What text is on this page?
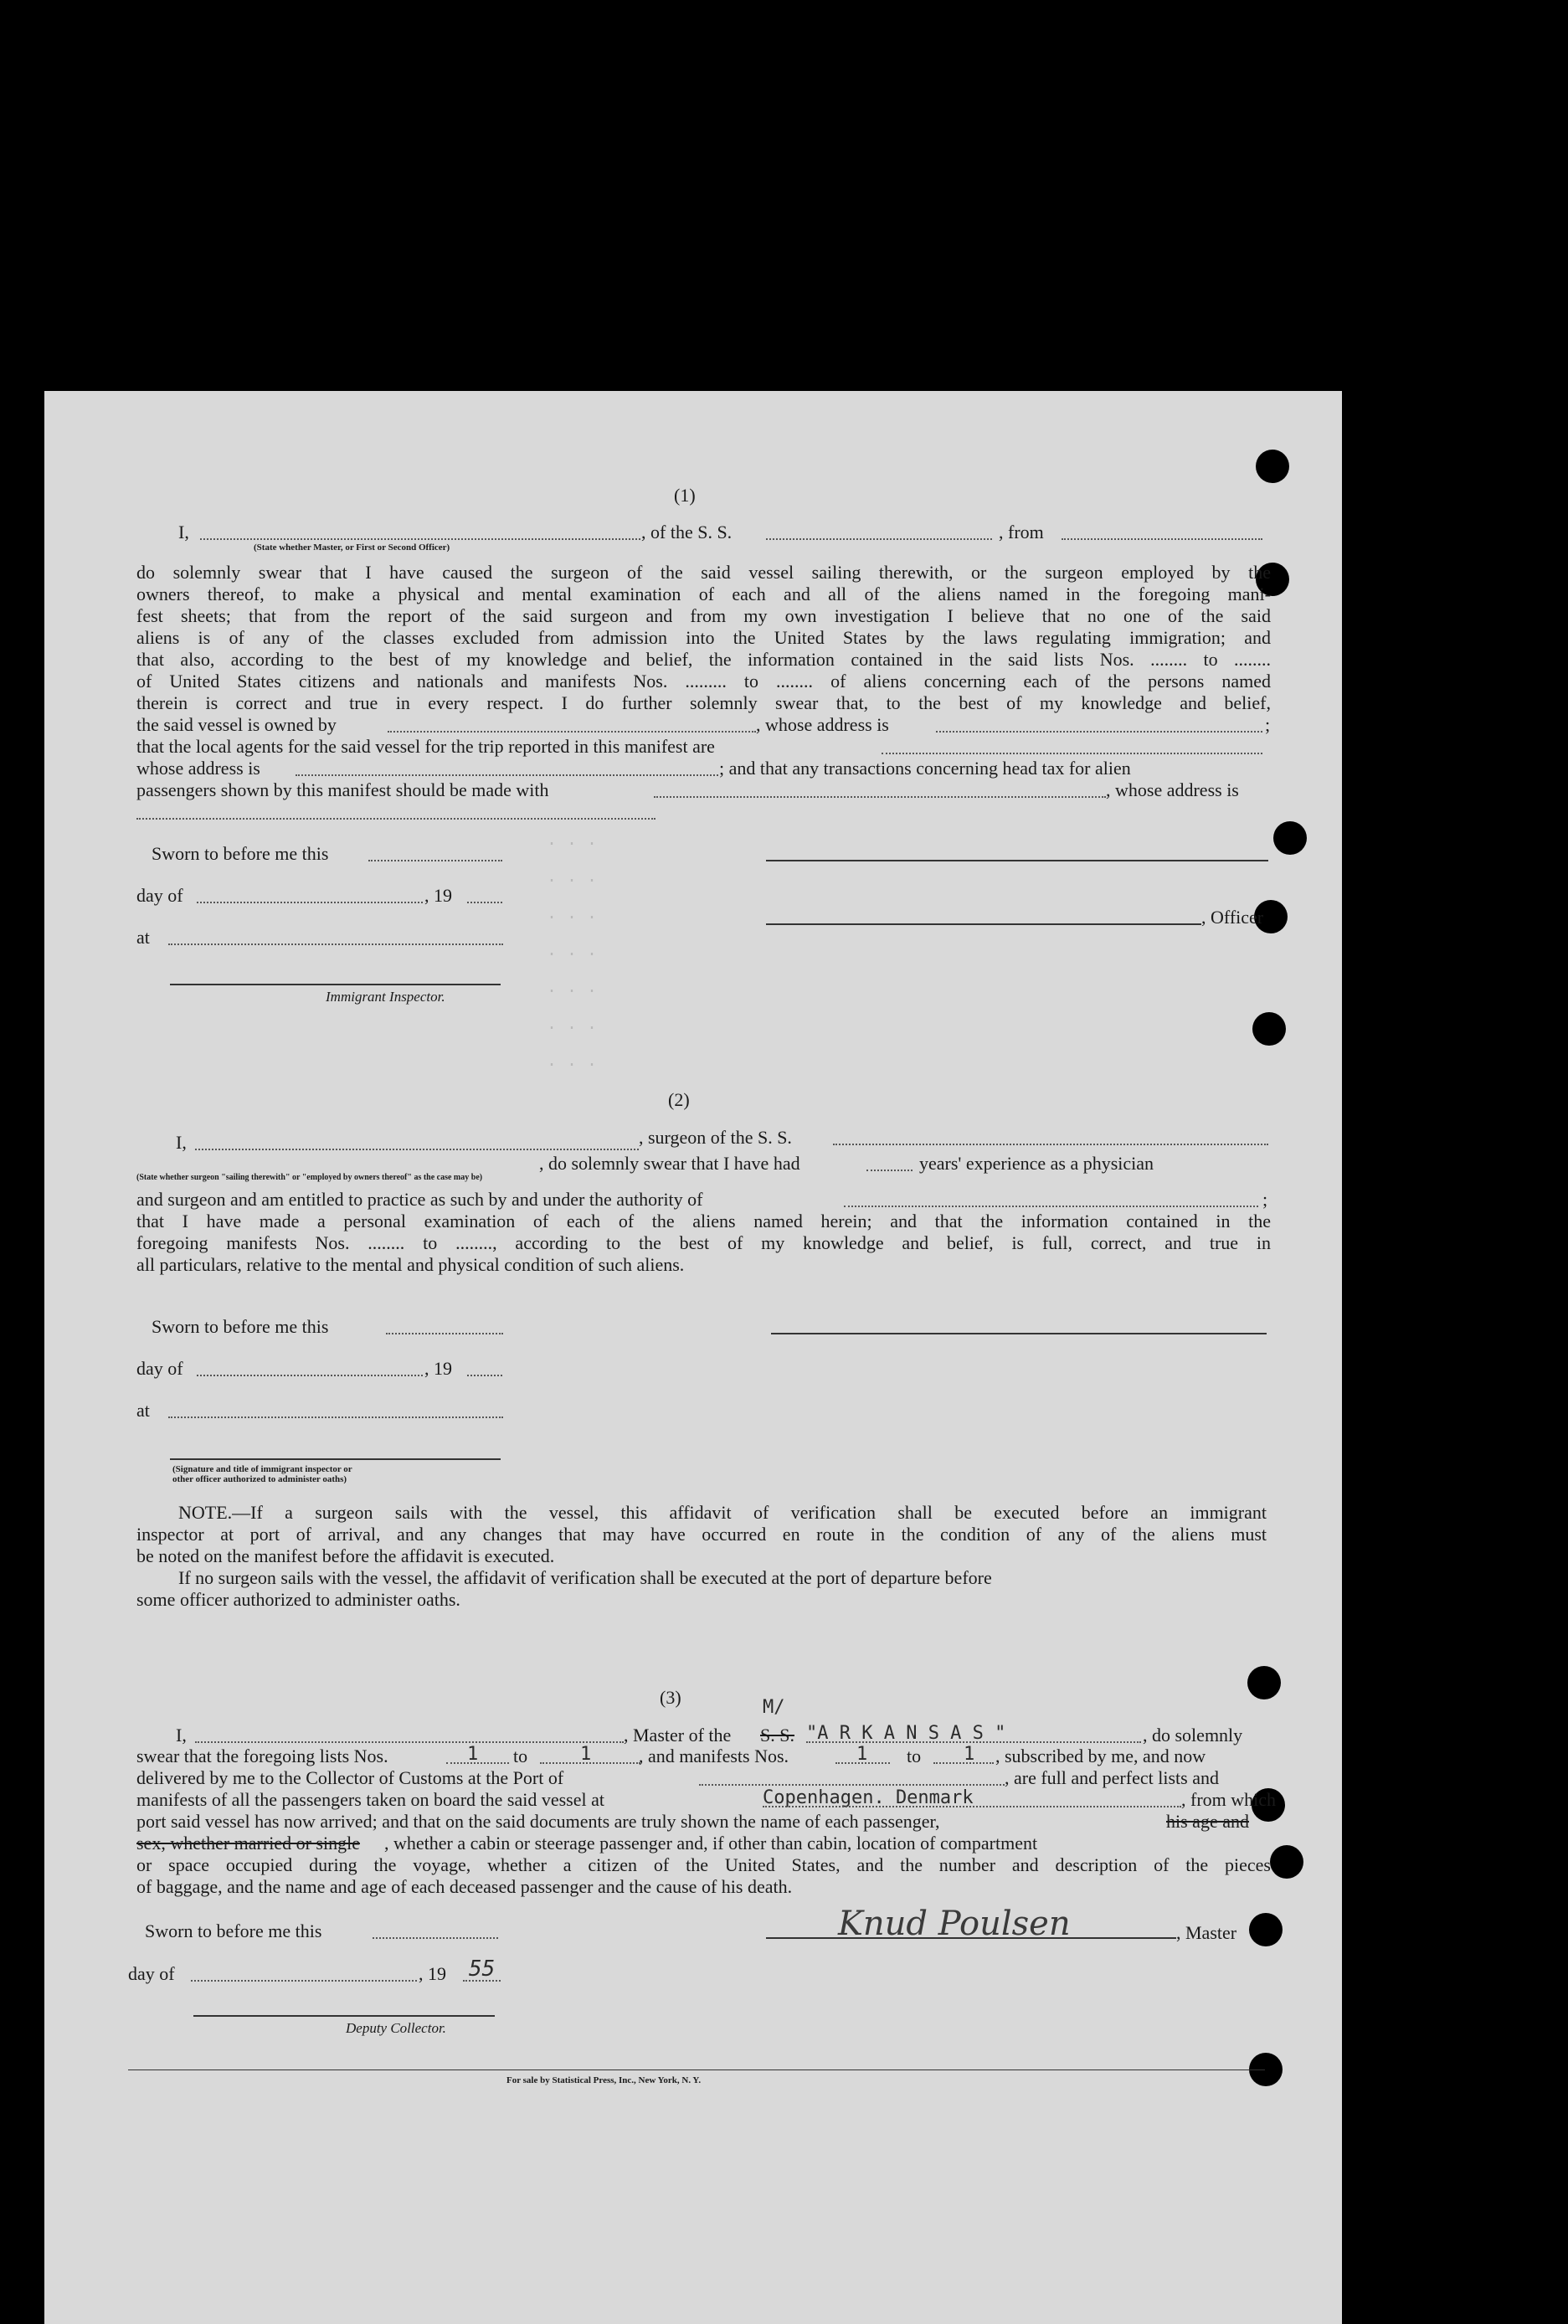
(1)
I,	, of the S. S.	, from
(State whether Master, or First or Second Officer)
do solemnly swear that I have caused the surgeon of the said vessel sailing therewith, or the surgeon employed by the
owners thereof, to make a physical and mental examination of each and all of the aliens named in the foregoing mani-
fest sheets; that from the report of the said surgeon and from my own investigation I believe that no one of the said
aliens is of any of the classes excluded from admission into the United States by the laws regulating immigration; and
that also, according to the best of my knowledge and belief, the information contained in the said lists Nos. ........ to ........
of United States citizens and nationals and manifests Nos. ......... to ........ of aliens concerning each of the persons named
therein is correct and true in every respect. I do further solemnly swear that, to the best of my knowledge and belief,
the said vessel is owned by	, whose address is	;
that the local agents for the said vessel for the trip reported in this manifest are
whose address is	; and that any transactions concerning head tax for alien
passengers shown by this manifest should be made with	, whose address is
Sworn to before me this
day of	, 19
, Officer
at
Immigrant Inspector.
· · ·
· · ·
· · ·
· · ·
· · ·
· · ·
· · ·
(2)
I,	, surgeon of the S. S.
, do solemnly swear that I have had	years' experience as a physician
(State whether surgeon "sailing therewith" or "employed by owners thereof" as the case may be)
and surgeon and am entitled to practice as such by and under the authority of	;
that I have made a personal examination of each of the aliens named herein; and that the information contained in the
foregoing manifests Nos. ........ to ........, according to the best of my knowledge and belief, is full, correct, and true in
all particulars, relative to the mental and physical condition of such aliens.
Sworn to before me this
day of	, 19
at
(Signature and title of immigrant inspector or
other officer authorized to administer oaths)
NOTE.—If a surgeon sails with the vessel, this affidavit of verification shall be executed before an immigrant
inspector at port of arrival, and any changes that may have occurred en route in the condition of any of the aliens must
be noted on the manifest before the affidavit is executed.
If no surgeon sails with the vessel, the affidavit of verification shall be executed at the port of departure before
some officer authorized to administer oaths.
(3)
I,	, Master of the S. S.
M/
"A R K A N S A S "	, do solemnly
swear that the foregoing lists Nos.	1 to	1	, and manifests Nos.	1 to 1 , subscribed by me, and now
delivered by me to the Collector of Customs at the Port of	, are full and perfect lists and
manifests of all the passengers taken on board the said vessel at	Copenhagen. Denmark	, from which
port said vessel has now arrived; and that on the said documents are truly shown the name of each passenger,	his age and
sex, whether married or single , whether a cabin or steerage passenger and, if other than cabin, location of compartment
or space occupied during the voyage, whether a citizen of the United States, and the number and description of the pieces
of baggage, and the name and age of each deceased passenger and the cause of his death.
Sworn to before me this	Knud Poulsen	, Master
day of	, 19 55
Deputy Collector.
For sale by Statistical Press, Inc., New York, N. Y.
